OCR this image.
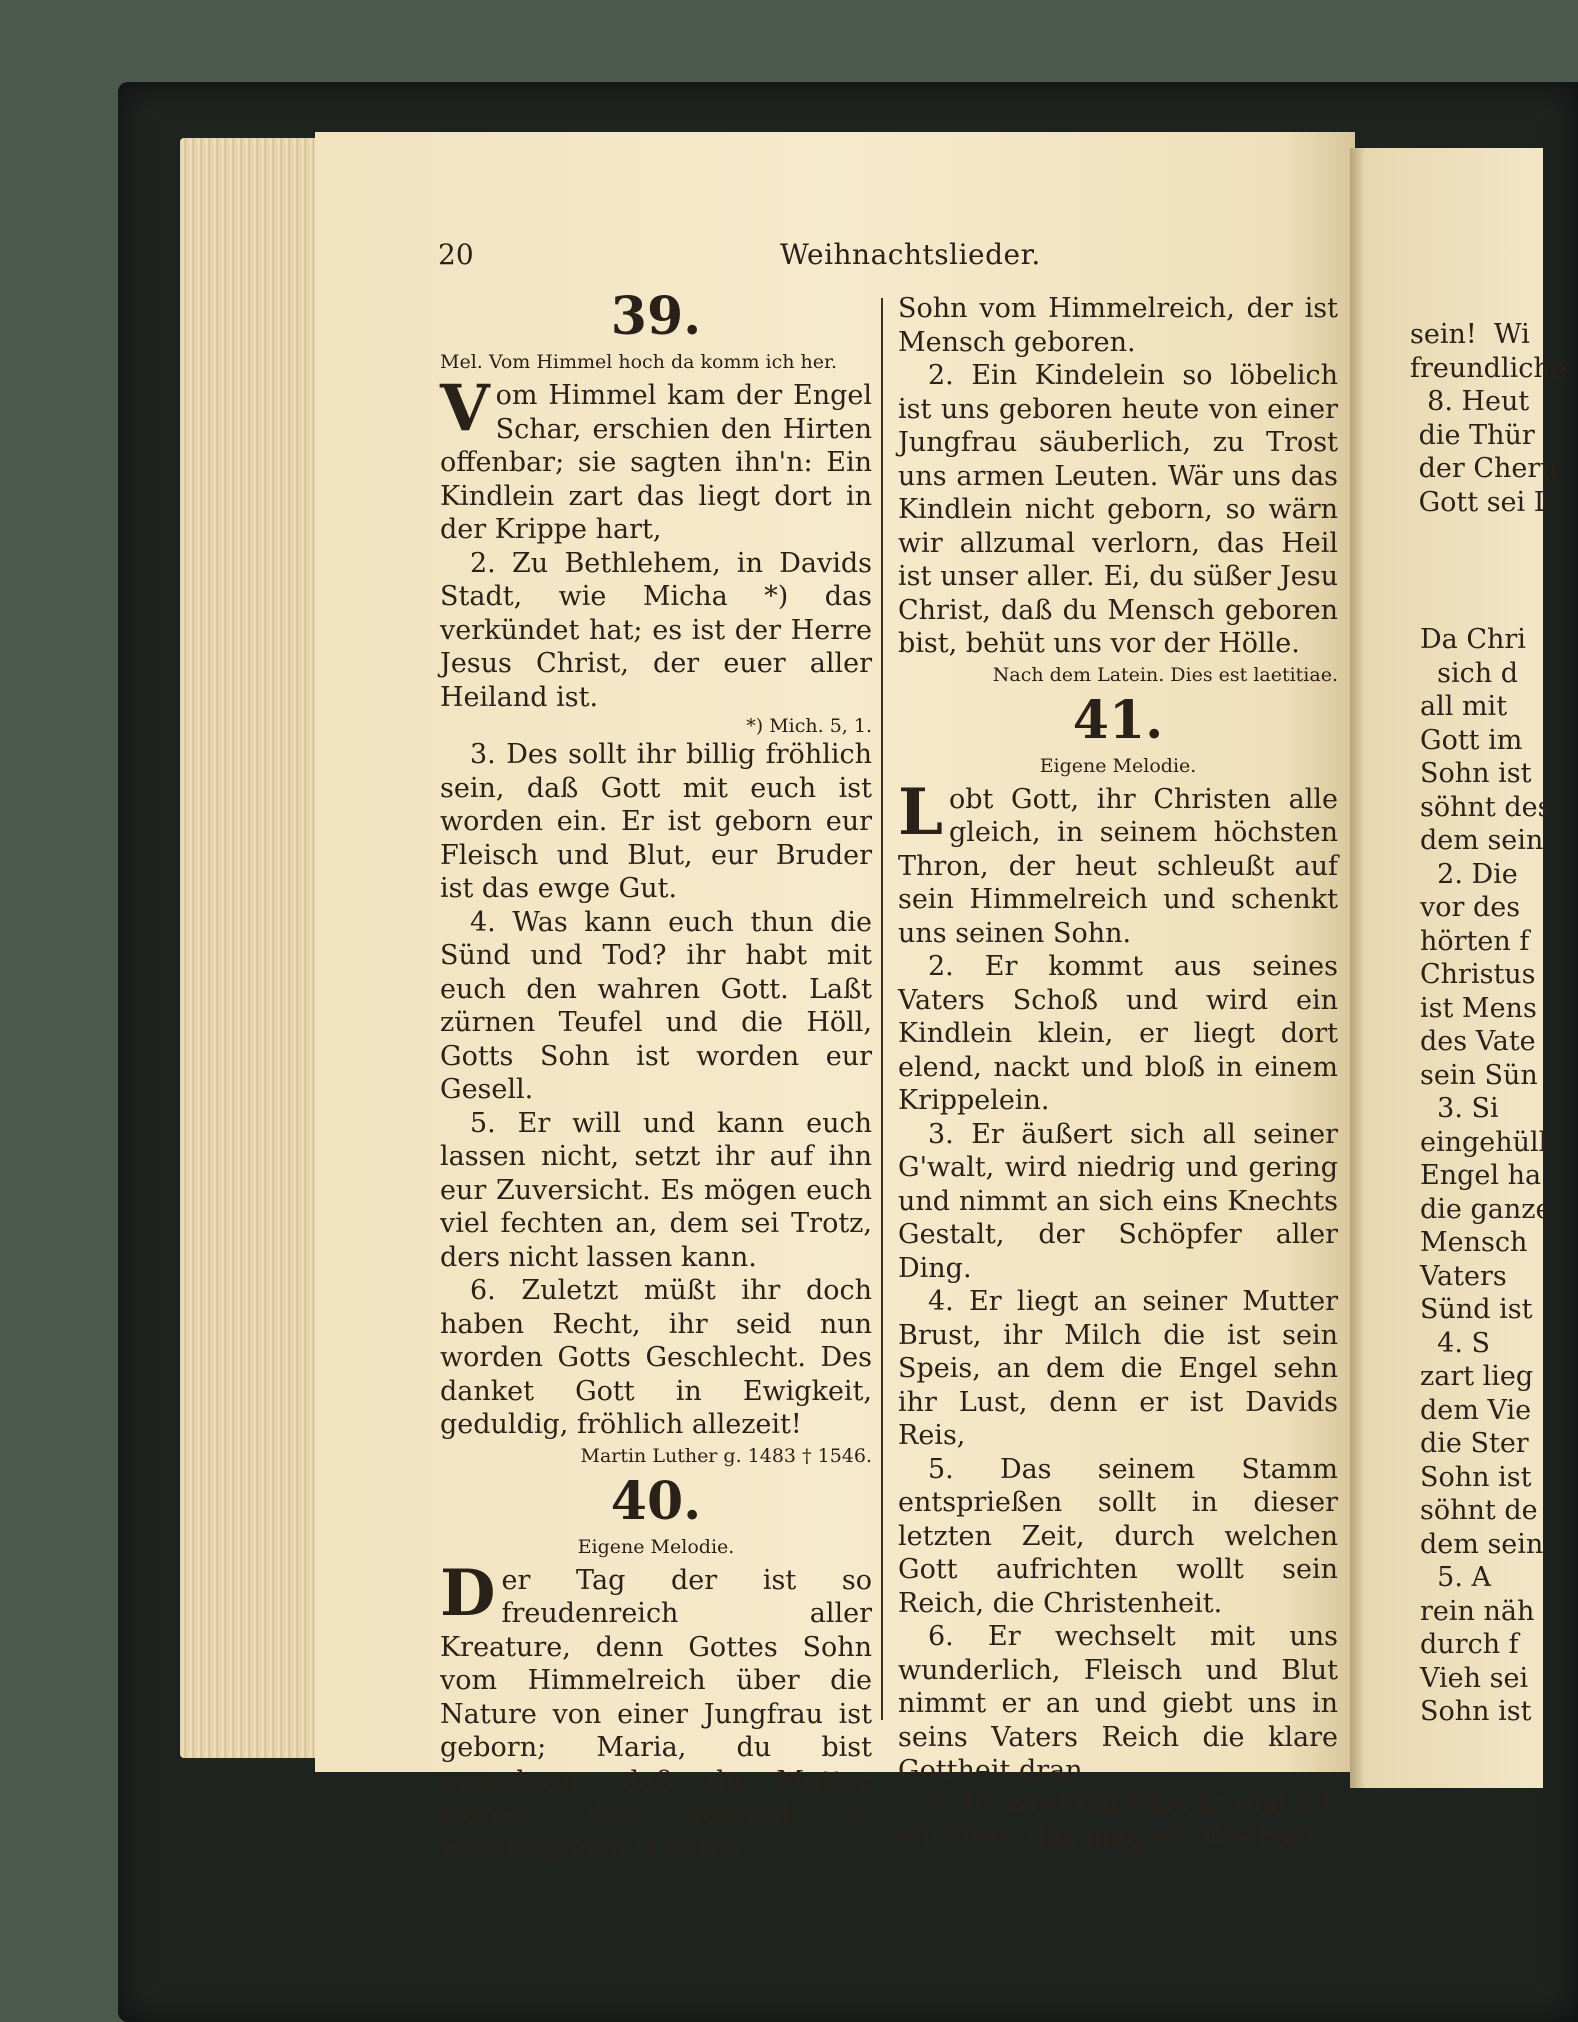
20	Weihnachtslieder.
39.
Mel. Vom Himmel hoch da komm ich her.

Vom Himmel kam der Engel Schar, erschien den Hirten offenbar; sie sagten ihn'n: Ein Kindlein zart das liegt dort in der Krippe hart,

2. Zu Bethlehem, in Davids Stadt, wie Micha *) das verkündet hat; es ist der Herre Jesus Christ, der euer aller Heiland ist.

*) Mich. 5, 1.

3. Des sollt ihr billig fröhlich sein, daß Gott mit euch ist worden ein. Er ist geborn eur Fleisch und Blut, eur Bruder ist das ewge Gut.

4. Was kann euch thun die Sünd und Tod? ihr habt mit euch den wahren Gott. Laßt zürnen Teufel und die Höll, Gotts Sohn ist worden eur Gesell.

5. Er will und kann euch lassen nicht, setzt ihr auf ihn eur Zuversicht. Es mögen euch viel fechten an, dem sei Trotz, ders nicht lassen kann.

6. Zuletzt müßt ihr doch haben Recht, ihr seid nun worden Gotts Geschlecht. Des danket Gott in Ewigkeit, geduldig, fröhlich allezeit!

Martin Luther g. 1483 † 1546.
40.
Eigene Melodie.

Der Tag der ist so freudenreich aller Kreature, denn Gottes Sohn vom Himmelreich über die Nature von einer Jungfrau ist geborn; Maria, du bist auserkorn, daß du Mutter wärest. Was geschah so wundergleich? Gottes

Sohn vom Himmelreich, der ist Mensch geboren.

2. Ein Kindelein so löbelich ist uns geboren heute von einer Jungfrau säuberlich, zu Trost uns armen Leuten. Wär uns das Kindlein nicht geborn, so wärn wir allzumal verlorn, das Heil ist unser aller. Ei, du süßer Jesu Christ, daß du Mensch geboren bist, behüt uns vor der Hölle.

Nach dem Latein. Dies est laetitiae.
41.
Eigene Melodie.

Lobt Gott, ihr Christen alle gleich, in seinem höchsten Thron, der heut schleußt auf sein Himmelreich und schenkt uns seinen Sohn.

2. Er kommt aus seines Vaters Schoß und wird ein Kindlein klein, er liegt dort elend, nackt und bloß in einem Krippelein.

3. Er äußert sich all seiner G'walt, wird niedrig und gering und nimmt an sich eins Knechts Gestalt, der Schöpfer aller Ding.

4. Er liegt an seiner Mutter Brust, ihr Milch die ist sein Speis, an dem die Engel sehn ihr Lust, denn er ist Davids Reis,

5. Das seinem Stamm entsprießen sollt in dieser letzten Zeit, durch welchen Gott aufrichten wollt sein Reich, die Christenheit.

6. Er wechselt mit uns wunderlich, Fleisch und Blut nimmt er an und giebt uns in seins Vaters Reich die klare Gottheit dran.

7. Er wird ein Knecht und ich ein Herr, das mag ein Wechsel

sein!  Wi
freundliche
8. Heut
die Thür
der Cheru
Gott sei L
Da Chri
sich d
all mit
Gott im
Sohn ist
söhnt des
dem sein
2. Die
vor des
hörten f
Christus
ist Mens
des Vate
sein Sün
3. Si
eingehüll
Engel ha
die ganze
Mensch
Vaters
Sünd ist
4. S
zart lieg
dem Vie
die Ster
Sohn ist
söhnt de
dem sein
5. A
rein näh
durch f
Vieh sei
Sohn ist
